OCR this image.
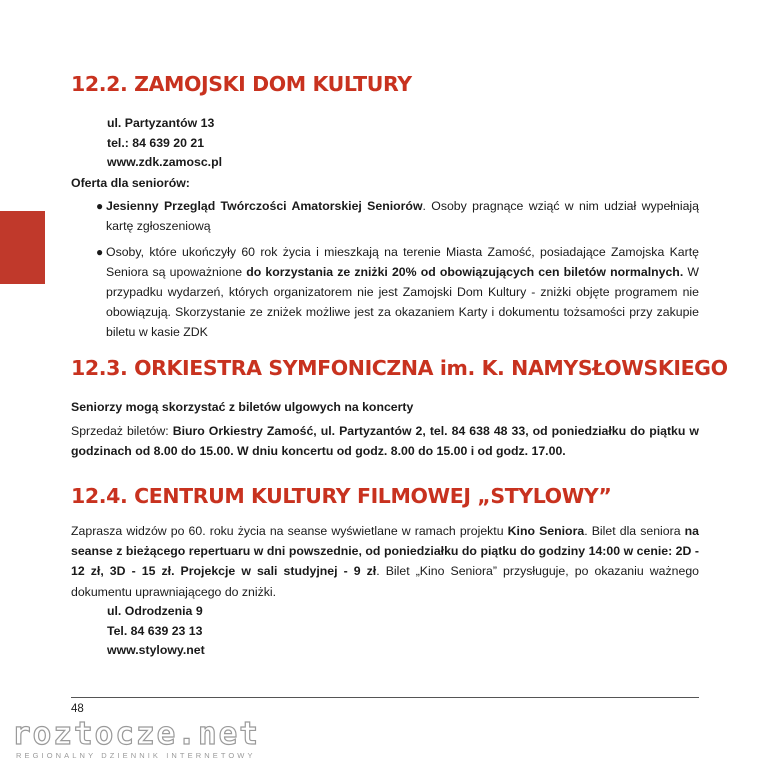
12.2. ZAMOJSKI DOM KULTURY
ul. Partyzantów 13
tel.: 84 639 20 21
www.zdk.zamosc.pl
Oferta dla seniorów:
● Jesienny Przegląd Twórczości Amatorskiej Seniorów. Osoby pragnące wziąć w nim udział wypełniają kartę zgłoszeniową
● Osoby, które ukończyły 60 rok życia i mieszkają na terenie Miasta Zamość, posiadające Zamojska Kartę Seniora są upoważnione do korzystania ze zniżki 20% od obowiązujących cen biletów normalnych. W przypadku wydarzeń, których organizatorem nie jest Zamojski Dom Kultury - zniżki objęte programem nie obowiązują. Skorzystanie ze zniżek możliwe jest za okazaniem Karty i dokumentu tożsamości przy zakupie biletu w kasie ZDK
12.3. ORKIESTRA SYMFONICZNA im. K. NAMYSŁOWSKIEGO
Seniorzy mogą skorzystać z biletów ulgowych na koncerty

Sprzedaż biletów: Biuro Orkiestry Zamość, ul. Partyzantów 2, tel. 84 638 48 33, od poniedziałku do piątku w godzinach od 8.00 do 15.00. W dniu koncertu od godz. 8.00 do 15.00 i od godz. 17.00.

12.4. CENTRUM KULTURY FILMOWEJ „STYLOWY”

Zaprasza widzów po 60. roku życia na seanse wyświetlane w ramach projektu Kino Seniora. Bilet dla seniora na seanse z bieżącego repertuaru w dni powszednie, od poniedziałku do piątku do godziny 14:00 w cenie: 2D - 12 zł, 3D - 15 zł. Projekcje w sali studyjnej - 9 zł. Bilet „Kino Seniora” przysługuje, po okazaniu ważnego dokumentu uprawniającego do zniżki.

ul. Odrodzenia 9
Tel. 84 639 23 13
www.stylowy.net
48
roztocze.net
REGIONALNY DZIENNIK INTERNETOWY
